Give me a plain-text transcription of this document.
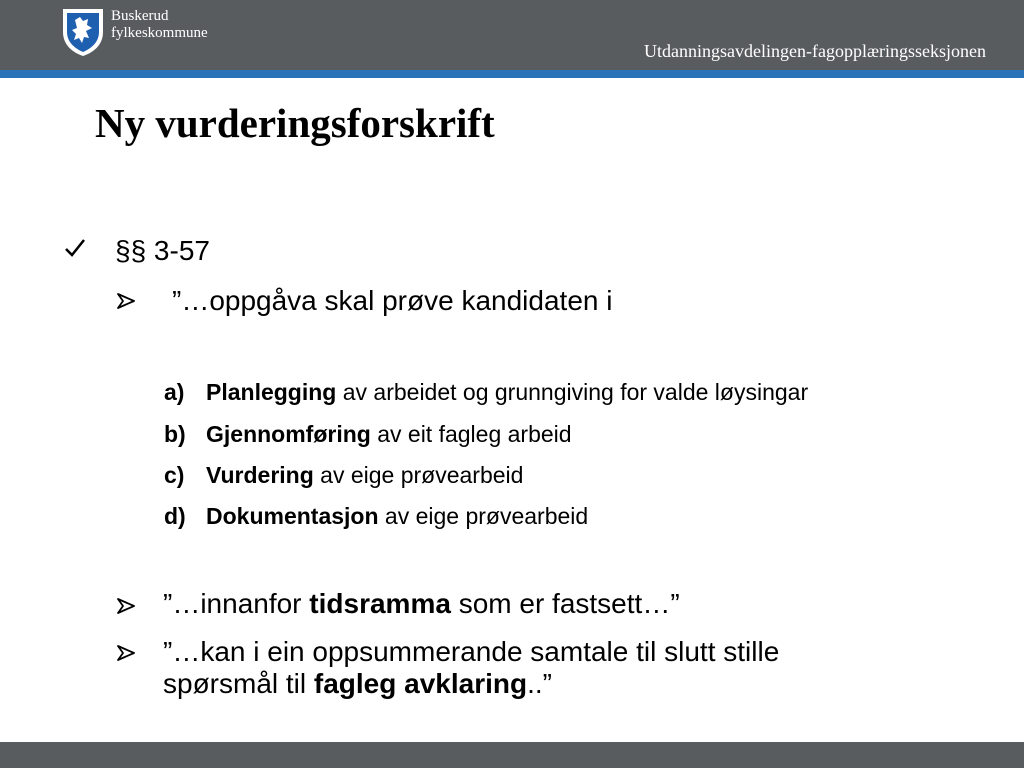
Buskerud
fylkeskommune
Utdanningsavdelingen-fagopplæringsseksjonen
Ny vurderingsforskrift
§§ 3-57
”…oppgåva skal prøve kandidaten i
a) Planlegging av arbeidet og grunngiving for valde løysingar
b) Gjennomføring av eit fagleg arbeid
c) Vurdering av eige prøvearbeid
d) Dokumentasjon av eige prøvearbeid
”…innanfor tidsramma som er fastsett…”
”…kan i ein oppsummerande samtale til slutt stille
spørsmål til fagleg avklaring..”
